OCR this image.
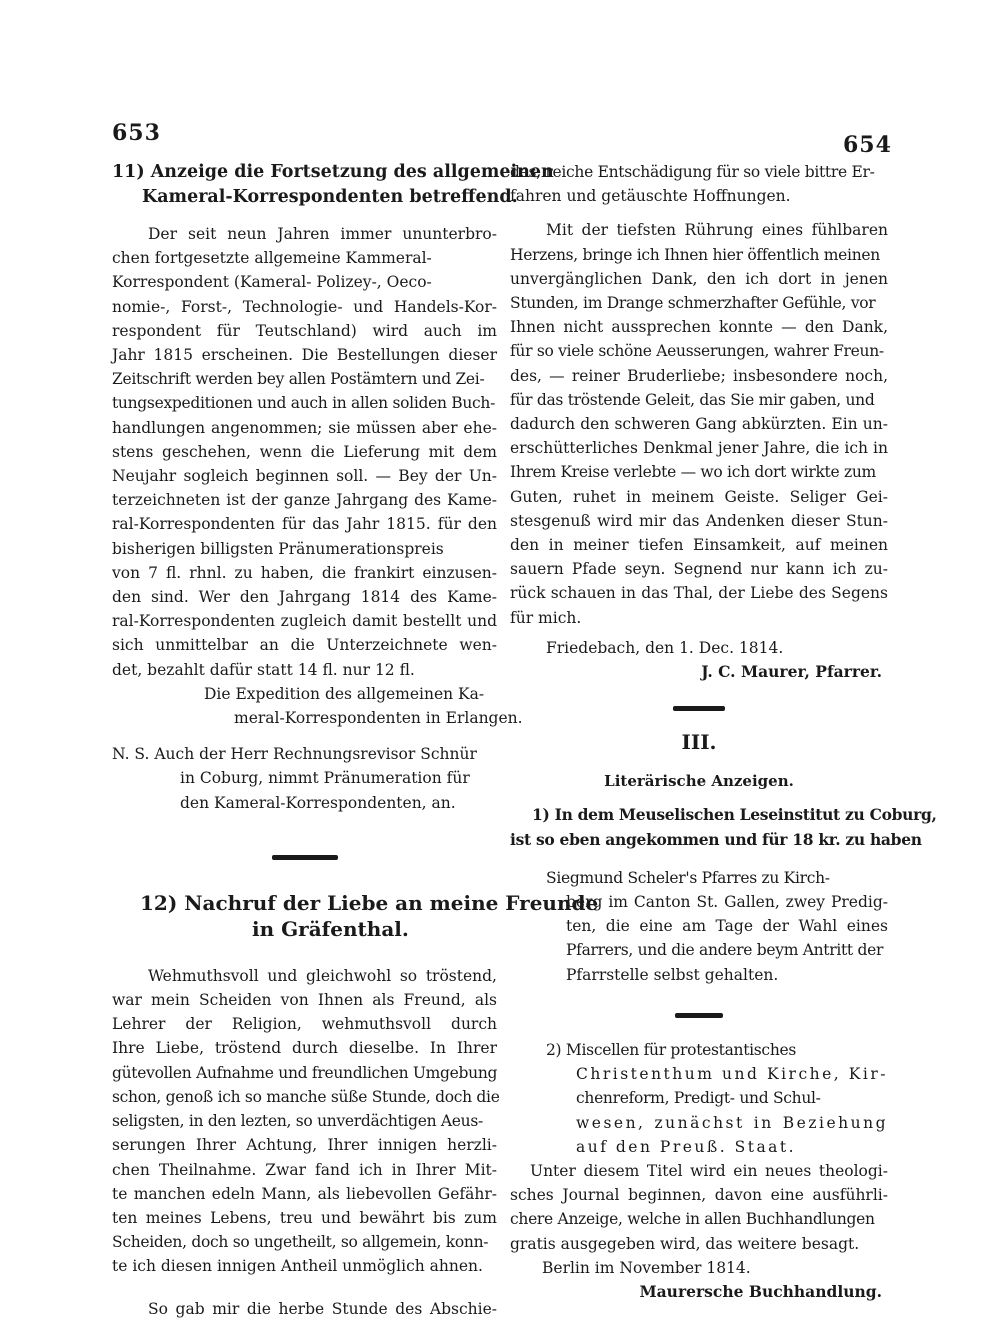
653	654
11) Anzeige die Fortsetzung des allgemeinen
Kameral-Korrespondenten betreffend.
Der seit neun Jahren immer ununterbro-
chen fortgesetzte allgemeine Kammeral-
Korrespondent (Kameral- Polizey-, Oeco-
nomie-, Forst-, Technologie- und Handels-Kor-
respondent für Teutschland) wird auch im
Jahr 1815 erscheinen. Die Bestellungen dieser
Zeitschrift werden bey allen Postämtern und Zei-
tungsexpeditionen und auch in allen soliden Buch-
handlungen angenommen; sie müssen aber ehe-
stens geschehen, wenn die Lieferung mit dem
Neujahr sogleich beginnen soll. — Bey der Un-
terzeichneten ist der ganze Jahrgang des Kame-
ral-Korrespondenten für das Jahr 1815. für den
bisherigen billigsten Pränumerationspreis
von 7 fl. rhnl. zu haben, die frankirt einzusen-
den sind. Wer den Jahrgang 1814 des Kame-
ral-Korrespondenten zugleich damit bestellt und
sich unmittelbar an die Unterzeichnete wen-
det, bezahlt dafür statt 14 fl. nur 12 fl.
Die Expedition des allgemeinen Ka-
meral-Korrespondenten in Erlangen.
N. S. Auch der Herr Rechnungsrevisor Schnür
in Coburg, nimmt Pränumeration für
den Kameral-Korrespondenten, an.
12) Nachruf der Liebe an meine Freunde
in Gräfenthal.
Wehmuthsvoll und gleichwohl so tröstend,
war mein Scheiden von Ihnen als Freund, als
Lehrer der Religion, wehmuthsvoll durch
Ihre Liebe, tröstend durch dieselbe. In Ihrer
gütevollen Aufnahme und freundlichen Umgebung
schon, genoß ich so manche süße Stunde, doch die
seligsten, in den lezten, so unverdächtigen Aeus-
serungen Ihrer Achtung, Ihrer innigen herzli-
chen Theilnahme. Zwar fand ich in Ihrer Mit-
te manchen edeln Mann, als liebevollen Gefähr-
ten meines Lebens, treu und bewährt bis zum
Scheiden, doch so ungetheilt, so allgemein, konn-
te ich diesen innigen Antheil unmöglich ahnen.
So gab mir die herbe Stunde des Abschie-
des, reiche Entschädigung für so viele bittre Er-
fahren und getäuschte Hoffnungen.
Mit der tiefsten Rührung eines fühlbaren
Herzens, bringe ich Ihnen hier öffentlich meinen
unvergänglichen Dank, den ich dort in jenen
Stunden, im Drange schmerzhafter Gefühle, vor
Ihnen nicht aussprechen konnte — den Dank,
für so viele schöne Aeusserungen, wahrer Freun-
des, — reiner Bruderliebe; insbesondere noch,
für das tröstende Geleit, das Sie mir gaben, und
dadurch den schweren Gang abkürzten. Ein un-
erschütterliches Denkmal jener Jahre, die ich in
Ihrem Kreise verlebte — wo ich dort wirkte zum
Guten, ruhet in meinem Geiste. Seliger Gei-
stesgenuß wird mir das Andenken dieser Stun-
den in meiner tiefen Einsamkeit, auf meinen
sauern Pfade seyn. Segnend nur kann ich zu-
rück schauen in das Thal, der Liebe des Segens
für mich.
Friedebach, den 1. Dec. 1814.
J. C. Maurer, Pfarrer.
III.
Literärische Anzeigen.
1) In dem Meuselischen Leseinstitut zu Coburg,
ist so eben angekommen und für 18 kr. zu haben
Siegmund Scheler's Pfarres zu Kirch-
berg im Canton St. Gallen, zwey Predig-
ten, die eine am Tage der Wahl eines
Pfarrers, und die andere beym Antritt der
Pfarrstelle selbst gehalten.
2) Miscellen für protestantisches
Christenthum und Kirche, Kir-
chenreform, Predigt- und Schul-
wesen, zunächst in Beziehung
auf den Preuß. Staat.
Unter diesem Titel wird ein neues theologi-
sches Journal beginnen, davon eine ausführli-
chere Anzeige, welche in allen Buchhandlungen
gratis ausgegeben wird, das weitere besagt.
Berlin im November 1814.
Maurersche Buchhandlung.
